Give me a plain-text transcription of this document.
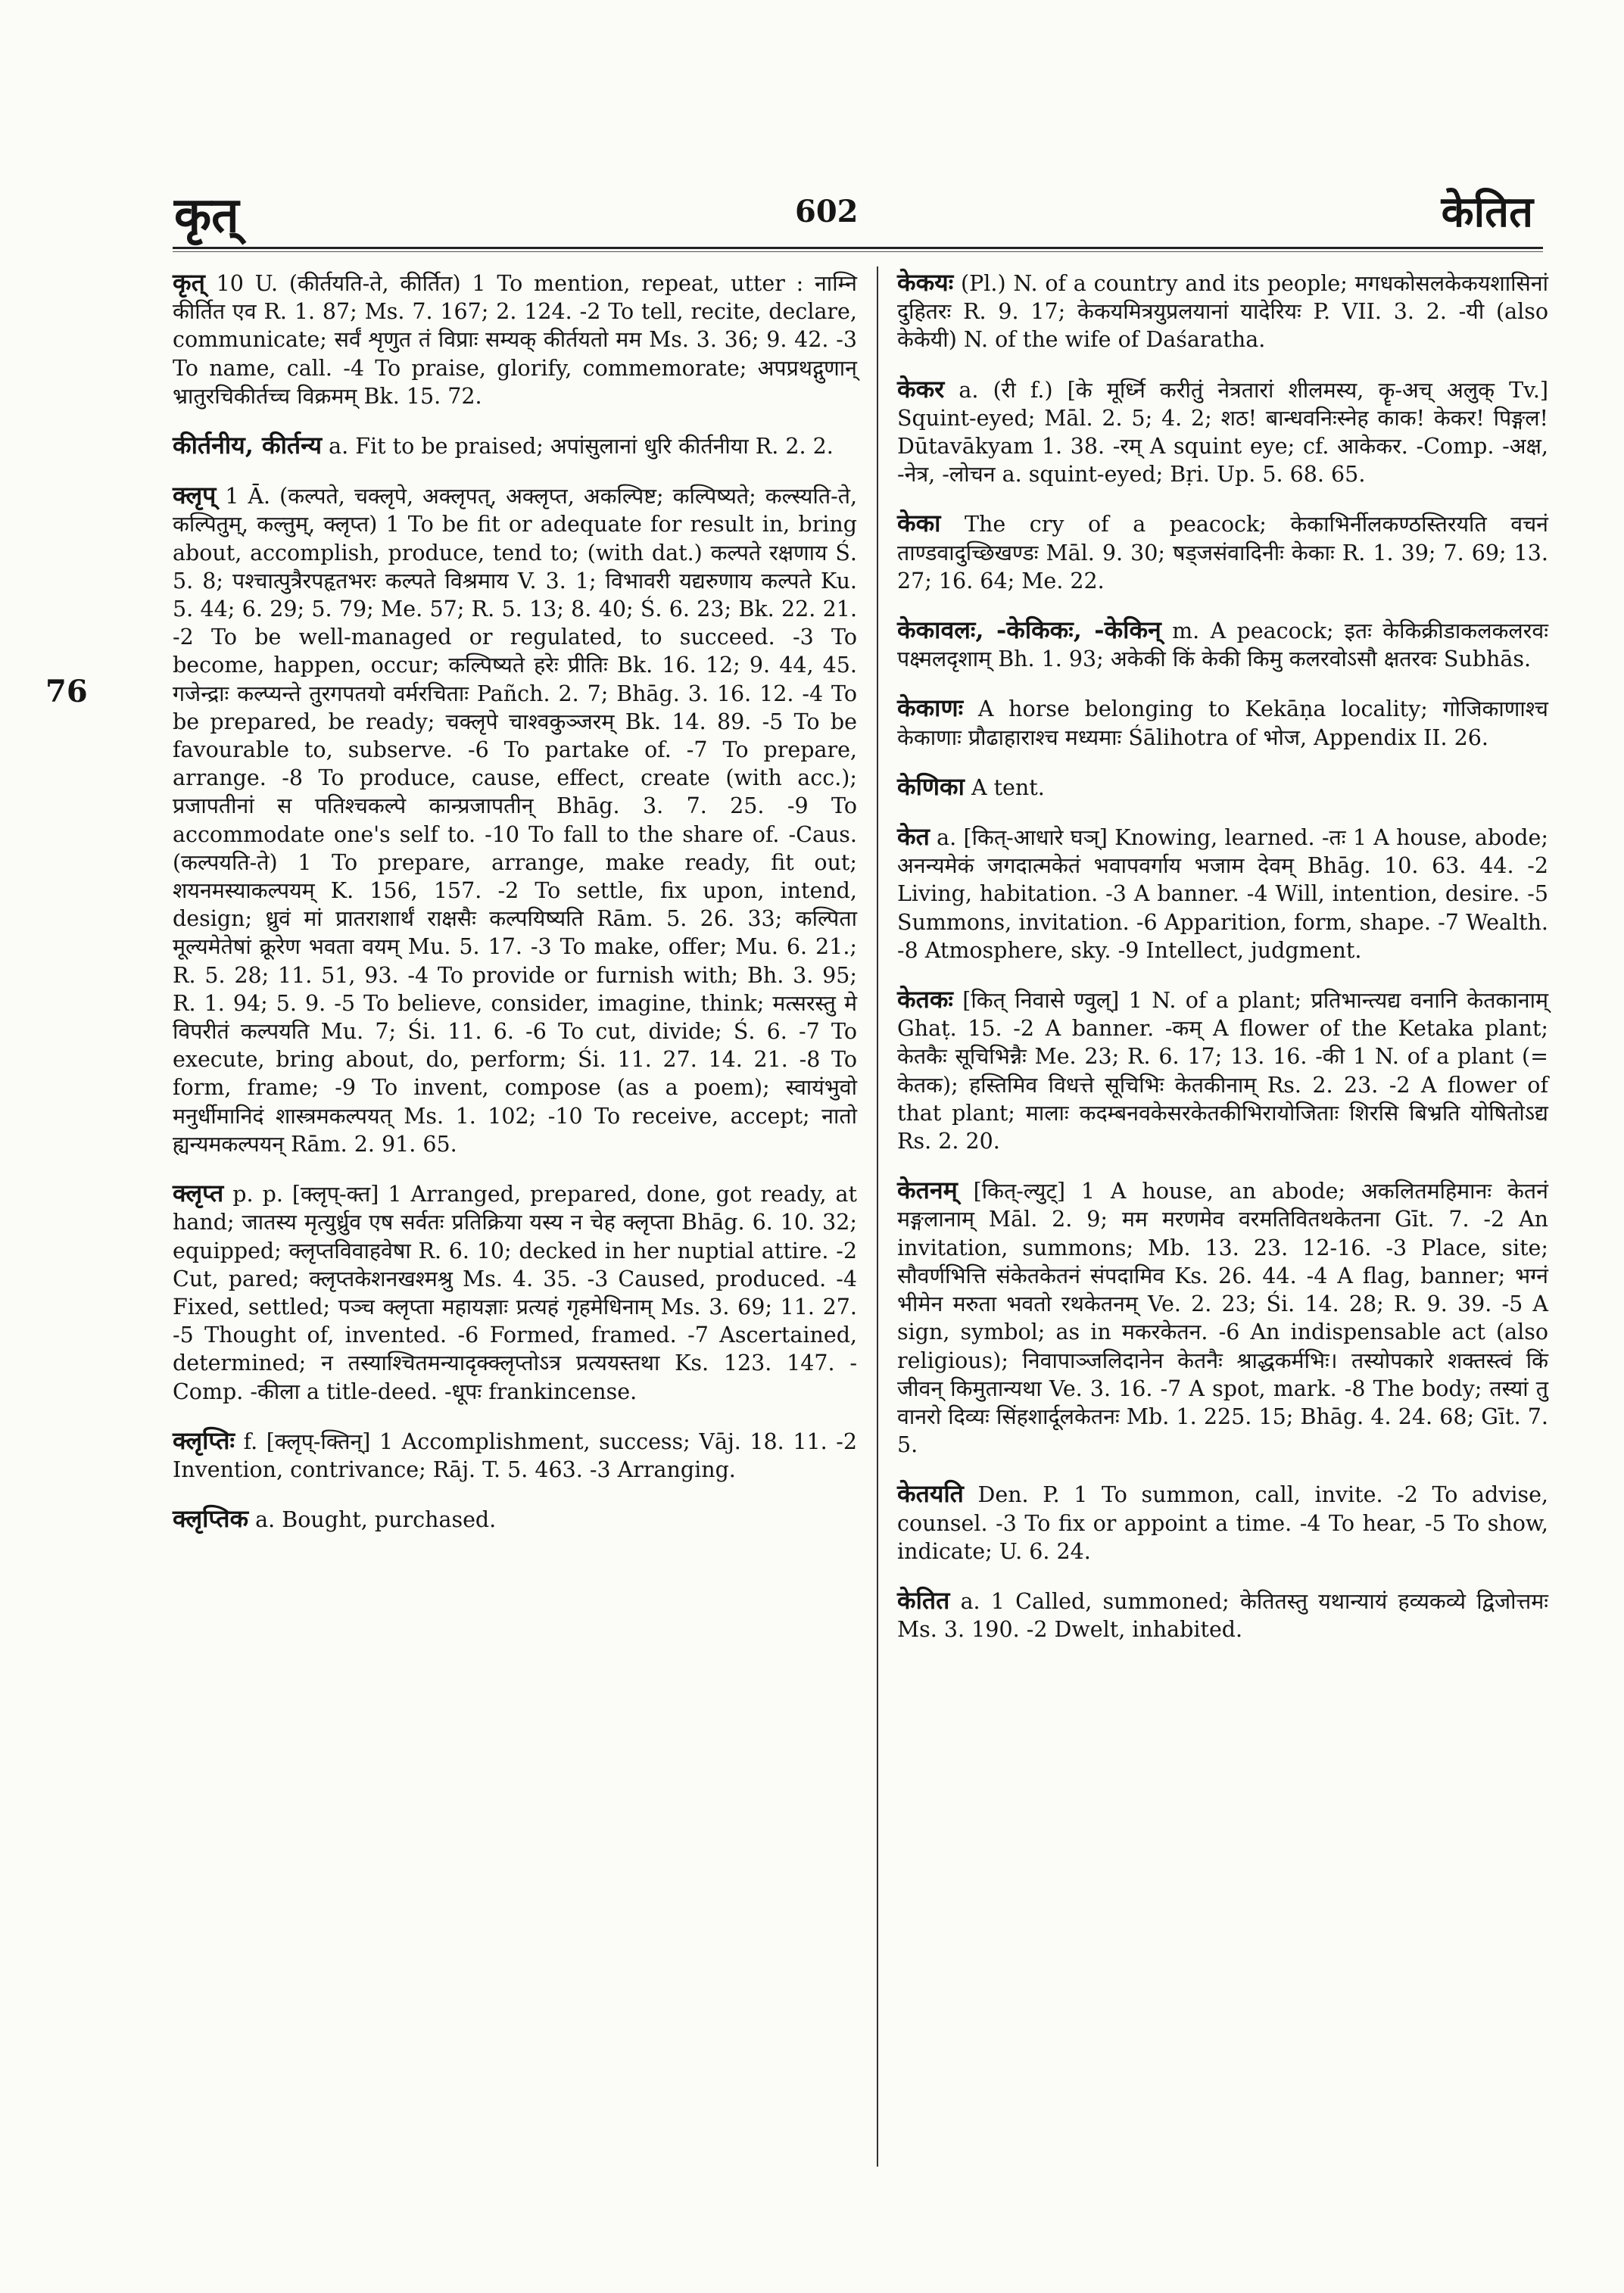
कृत्	602	केतित
76

कृत् 10 U. (कीर्तयति-ते, कीर्तित) 1 To mention, repeat, utter : नाम्नि कीर्तित एव R. 1. 87; Ms. 7. 167; 2. 124. -2 To tell, recite, declare, communicate; सर्वं शृणुत तं विप्राः सम्यक् कीर्तयतो मम Ms. 3. 36; 9. 42. -3 To name, call. -4 To praise, glorify, commemorate; अपप्रथद्गुणान् भ्रातुरचिकीर्तच्च विक्रमम् Bk. 15. 72.

कीर्तनीय, कीर्तन्य a. Fit to be praised; अपांसुलानां धुरि कीर्तनीया R. 2. 2.

क्लृप् 1 Ā. (कल्पते, चक्लृपे, अक्लृपत्, अक्लृप्त, अकल्पिष्ट; कल्पिष्यते; कल्स्यति-ते, कल्पितुम्, कल्तुम्, क्लृप्त) 1 To be fit or adequate for result in, bring about, accomplish, produce, tend to; (with dat.) कल्पते रक्षणाय Ś. 5. 8; पश्चात्पुत्रैरपहृतभरः कल्पते विश्रमाय V. 3. 1; विभावरी यद्यरुणाय कल्पते Ku. 5. 44; 6. 29; 5. 79; Me. 57; R. 5. 13; 8. 40; Ś. 6. 23; Bk. 22. 21. -2 To be well-managed or regulated, to succeed. -3 To become, happen, occur; कल्पिष्यते हरेः प्रीतिः Bk. 16. 12; 9. 44, 45. गजेन्द्राः कल्प्यन्ते तुरगपतयो वर्मरचिताः Pañch. 2. 7; Bhāg. 3. 16. 12. -4 To be prepared, be ready; चक्लृपे चाश्वकुञ्जरम् Bk. 14. 89. -5 To be favourable to, subserve. -6 To partake of. -7 To prepare, arrange. -8 To produce, cause, effect, create (with acc.); प्रजापतीनां स पतिश्चकल्पे कान्प्रजापतीन् Bhāg. 3. 7. 25. -9 To accommodate one's self to. -10 To fall to the share of. -Caus. (कल्पयति-ते) 1 To prepare, arrange, make ready, fit out; शयनमस्याकल्पयम् K. 156, 157. -2 To settle, fix upon, intend, design; ध्रुवं मां प्रातराशार्थं राक्षसैः कल्पयिष्यति Rām. 5. 26. 33; कल्पिता मूल्यमेतेषां क्रूरेण भवता वयम् Mu. 5. 17. -3 To make, offer; Mu. 6. 21.; R. 5. 28; 11. 51, 93. -4 To provide or furnish with; Bh. 3. 95; R. 1. 94; 5. 9. -5 To believe, consider, imagine, think; मत्सरस्तु मे विपरीतं कल्पयति Mu. 7; Śi. 11. 6. -6 To cut, divide; Ś. 6. -7 To execute, bring about, do, perform; Śi. 11. 27. 14. 21. -8 To form, frame; -9 To invent, compose (as a poem); स्वायंभुवो मनुर्धीमानिदं शास्त्रमकल्पयत् Ms. 1. 102; -10 To receive, accept; नातो ह्यन्यमकल्पयन् Rām. 2. 91. 65.

क्लृप्त p. p. [क्लृप्-क्त] 1 Arranged, prepared, done, got ready, at hand; जातस्य मृत्युर्ध्रुव एष सर्वतः प्रतिक्रिया यस्य न चेह क्लृप्ता Bhāg. 6. 10. 32; equipped; क्लृप्तविवाहवेषा R. 6. 10; decked in her nuptial attire. -2 Cut, pared; क्लृप्तकेशनखश्मश्रु Ms. 4. 35. -3 Caused, produced. -4 Fixed, settled; पञ्च क्लृप्ता महायज्ञाः प्रत्यहं गृहमेधिनाम् Ms. 3. 69; 11. 27. -5 Thought of, invented. -6 Formed, framed. -7 Ascertained, determined; न तस्याश्चितमन्यादृक्क्लृप्तोऽत्र प्रत्ययस्तथा Ks. 123. 147. -Comp. -कीला a title-deed. -धूपः frankincense.

क्लृप्तिः f. [क्लृप्-क्तिन्] 1 Accomplishment, success; Vāj. 18. 11. -2 Invention, contrivance; Rāj. T. 5. 463. -3 Arranging.

क्लृप्तिक a. Bought, purchased.

केकयः (Pl.) N. of a country and its people; मगधकोसलकेकयशासिनां दुहितरः R. 9. 17; केकयमित्रयुप्रलयानां यादेरियः P. VII. 3. 2. -यी (also केकेयी) N. of the wife of Daśaratha.

केकर a. (री f.) [के मूर्ध्नि करीतुं नेत्रतारां शीलमस्य, कॄ-अच् अलुक् Tv.] Squint-eyed; Māl. 2. 5; 4. 2; शठ! बान्धवनिःस्नेह काक! केकर! पिङ्गल! Dūtavākyam 1. 38. -रम् A squint eye; cf. आकेकर. -Comp. -अक्ष, -नेत्र, -लोचन a. squint-eyed; Bṛi. Up. 5. 68. 65.

केका The cry of a peacock; केकाभिर्नीलकण्ठस्तिरयति वचनं ताण्डवादुच्छिखण्डः Māl. 9. 30; षड्जसंवादिनीः केकाः R. 1. 39; 7. 69; 13. 27; 16. 64; Me. 22.

केकावलः, -केकिकः, -केकिन् m. A peacock; इतः केकिक्रीडाकलकलरवः पक्ष्मलदृशाम् Bh. 1. 93; अकेकी किं केकी किमु कलरवोऽसौ क्षतरवः Subhās.

केकाणः A horse belonging to Kekāṇa locality; गोजिकाणाश्च केकाणाः प्रौढाहाराश्च मध्यमाः Śālihotra of भोज, Appendix II. 26.

केणिका A tent.

केत a. [कित्-आधारे घञ्] Knowing, learned. -तः 1 A house, abode; अनन्यमेकं जगदात्मकेतं भवापवर्गाय भजाम देवम् Bhāg. 10. 63. 44. -2 Living, habitation. -3 A banner. -4 Will, intention, desire. -5 Summons, invitation. -6 Apparition, form, shape. -7 Wealth. -8 Atmosphere, sky. -9 Intellect, judgment.

केतकः [कित् निवासे ण्वुल्] 1 N. of a plant; प्रतिभान्त्यद्य वनानि केतकानाम् Ghaṭ. 15. -2 A banner. -कम् A flower of the Ketaka plant; केतकैः सूचिभिन्नैः Me. 23; R. 6. 17; 13. 16. -की 1 N. of a plant (= केतक); हस्तिमिव विधत्ते सूचिभिः केतकीनाम् Rs. 2. 23. -2 A flower of that plant; मालाः कदम्बनवकेसरकेतकीभिरायोजिताः शिरसि बिभ्रति योषितोऽद्य Rs. 2. 20.

केतनम् [कित्-ल्युट्] 1 A house, an abode; अकलितमहिमानः केतनं मङ्गलानाम् Māl. 2. 9; मम मरणमेव वरमतिवितथकेतना Gīt. 7. -2 An invitation, summons; Mb. 13. 23. 12-16. -3 Place, site; सौवर्णभित्ति संकेतकेतनं संपदामिव Ks. 26. 44. -4 A flag, banner; भग्नं भीमेन मरुता भवतो रथकेतनम् Ve. 2. 23; Śi. 14. 28; R. 9. 39. -5 A sign, symbol; as in मकरकेतन. -6 An indispensable act (also religious); निवापाञ्जलिदानेन केतनैः श्राद्धकर्मभिः। तस्योपकारे शक्तस्त्वं किं जीवन् किमुतान्यथा Ve. 3. 16. -7 A spot, mark. -8 The body; तस्यां तु वानरो दिव्यः सिंहशार्दूलकेतनः Mb. 1. 225. 15; Bhāg. 4. 24. 68; Gīt. 7. 5.

केतयति Den. P. 1 To summon, call, invite. -2 To advise, counsel. -3 To fix or appoint a time. -4 To hear, -5 To show, indicate; U. 6. 24.

केतित a. 1 Called, summoned; केतितस्तु यथान्यायं हव्यकव्ये द्विजोत्तमः Ms. 3. 190. -2 Dwelt, inhabited.
